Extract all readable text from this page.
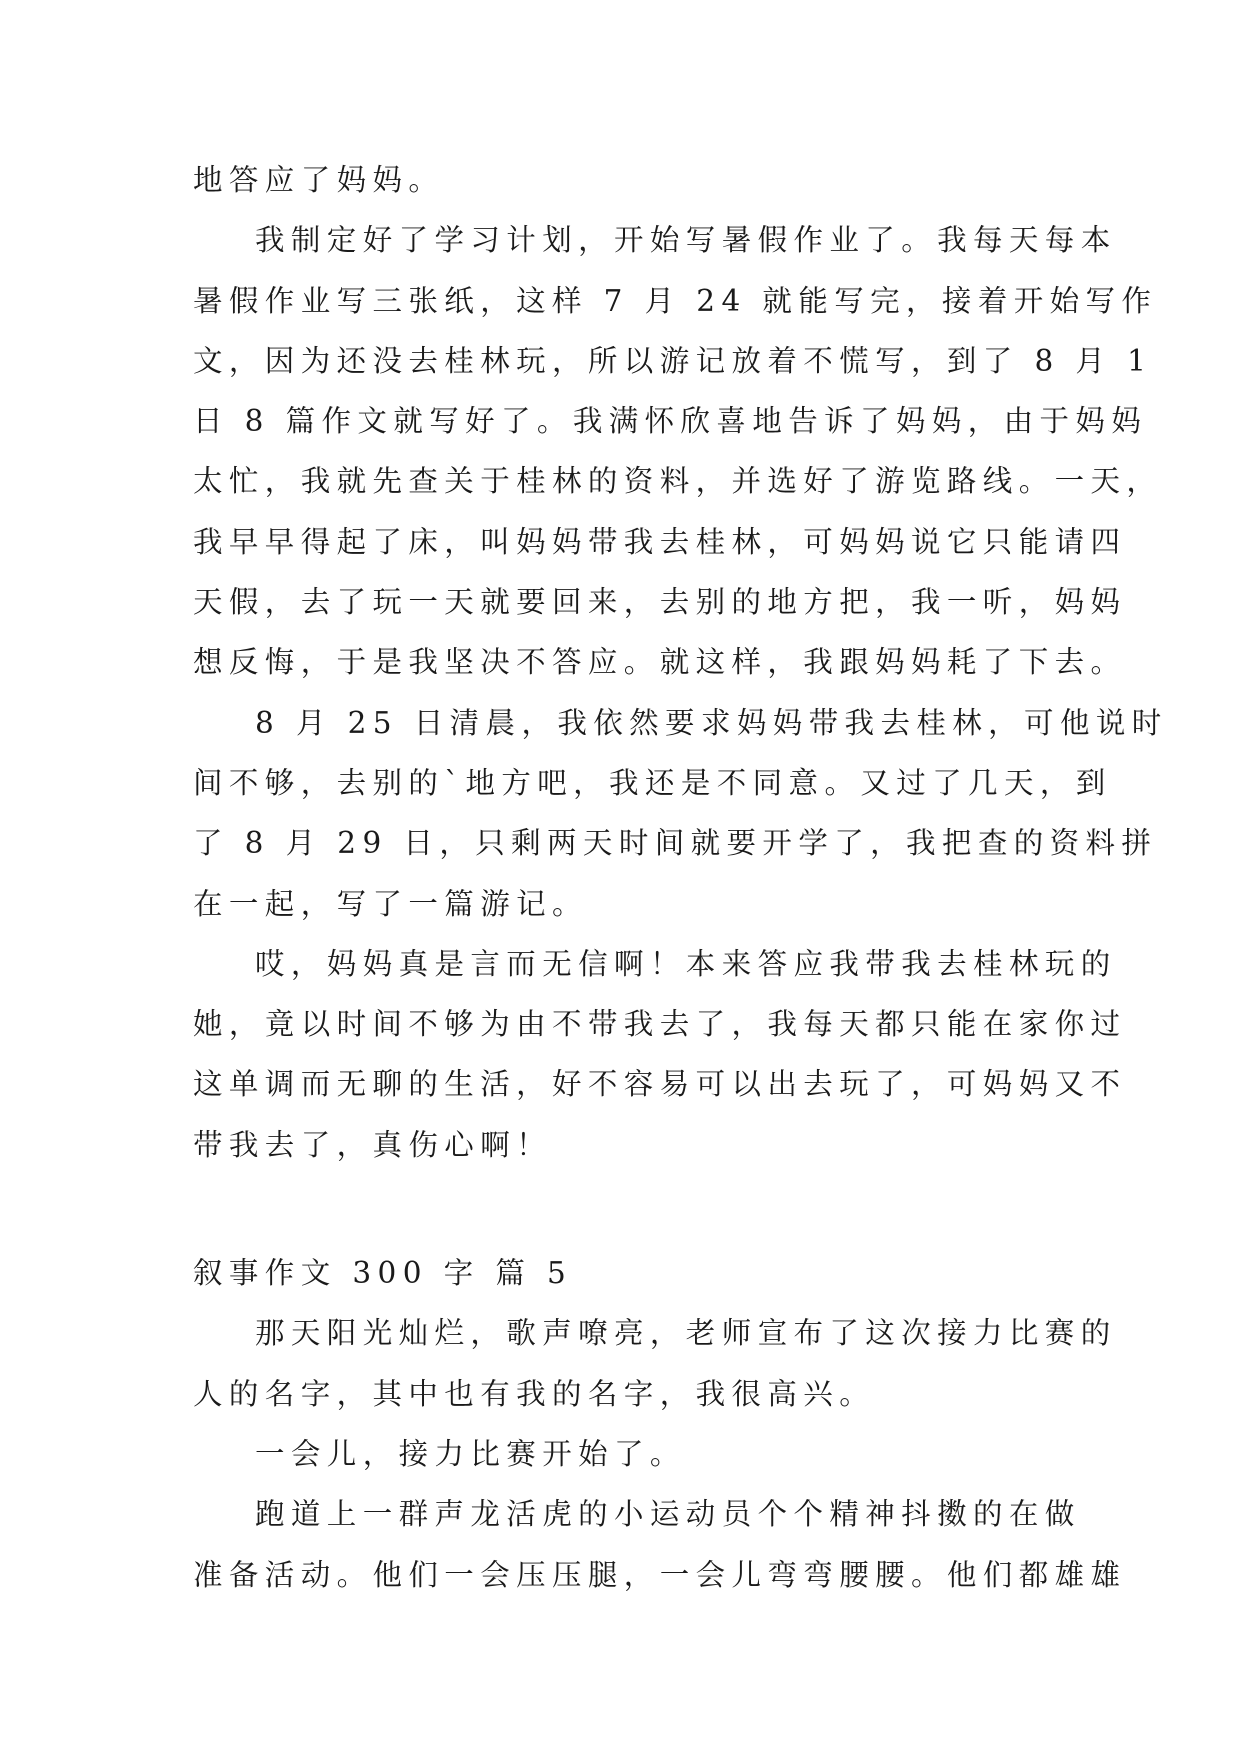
地答应了妈妈。
我制定好了学习计划，开始写暑假作业了。我每天每本
暑假作业写三张纸，这样 7 月 24 就能写完，接着开始写作
文，因为还没去桂林玩，所以游记放着不慌写，到了 8 月 1
日 8 篇作文就写好了。我满怀欣喜地告诉了妈妈，由于妈妈
太忙，我就先查关于桂林的资料，并选好了游览路线。一天，
我早早得起了床，叫妈妈带我去桂林，可妈妈说它只能请四
天假，去了玩一天就要回来，去别的地方把，我一听，妈妈
想反悔，于是我坚决不答应。就这样，我跟妈妈耗了下去。
8 月 25 日清晨，我依然要求妈妈带我去桂林，可他说时
间不够，去别的`地方吧，我还是不同意。又过了几天，到
了 8 月 29 日，只剩两天时间就要开学了，我把查的资料拼
在一起，写了一篇游记。
哎，妈妈真是言而无信啊！本来答应我带我去桂林玩的
她，竟以时间不够为由不带我去了，我每天都只能在家你过
这单调而无聊的生活，好不容易可以出去玩了，可妈妈又不
带我去了，真伤心啊！
叙事作文 300 字 篇 5
那天阳光灿烂，歌声嘹亮，老师宣布了这次接力比赛的
人的名字，其中也有我的名字，我很高兴。
一会儿，接力比赛开始了。
跑道上一群声龙活虎的小运动员个个精神抖擞的在做
准备活动。他们一会压压腿，一会儿弯弯腰腰。他们都雄雄
